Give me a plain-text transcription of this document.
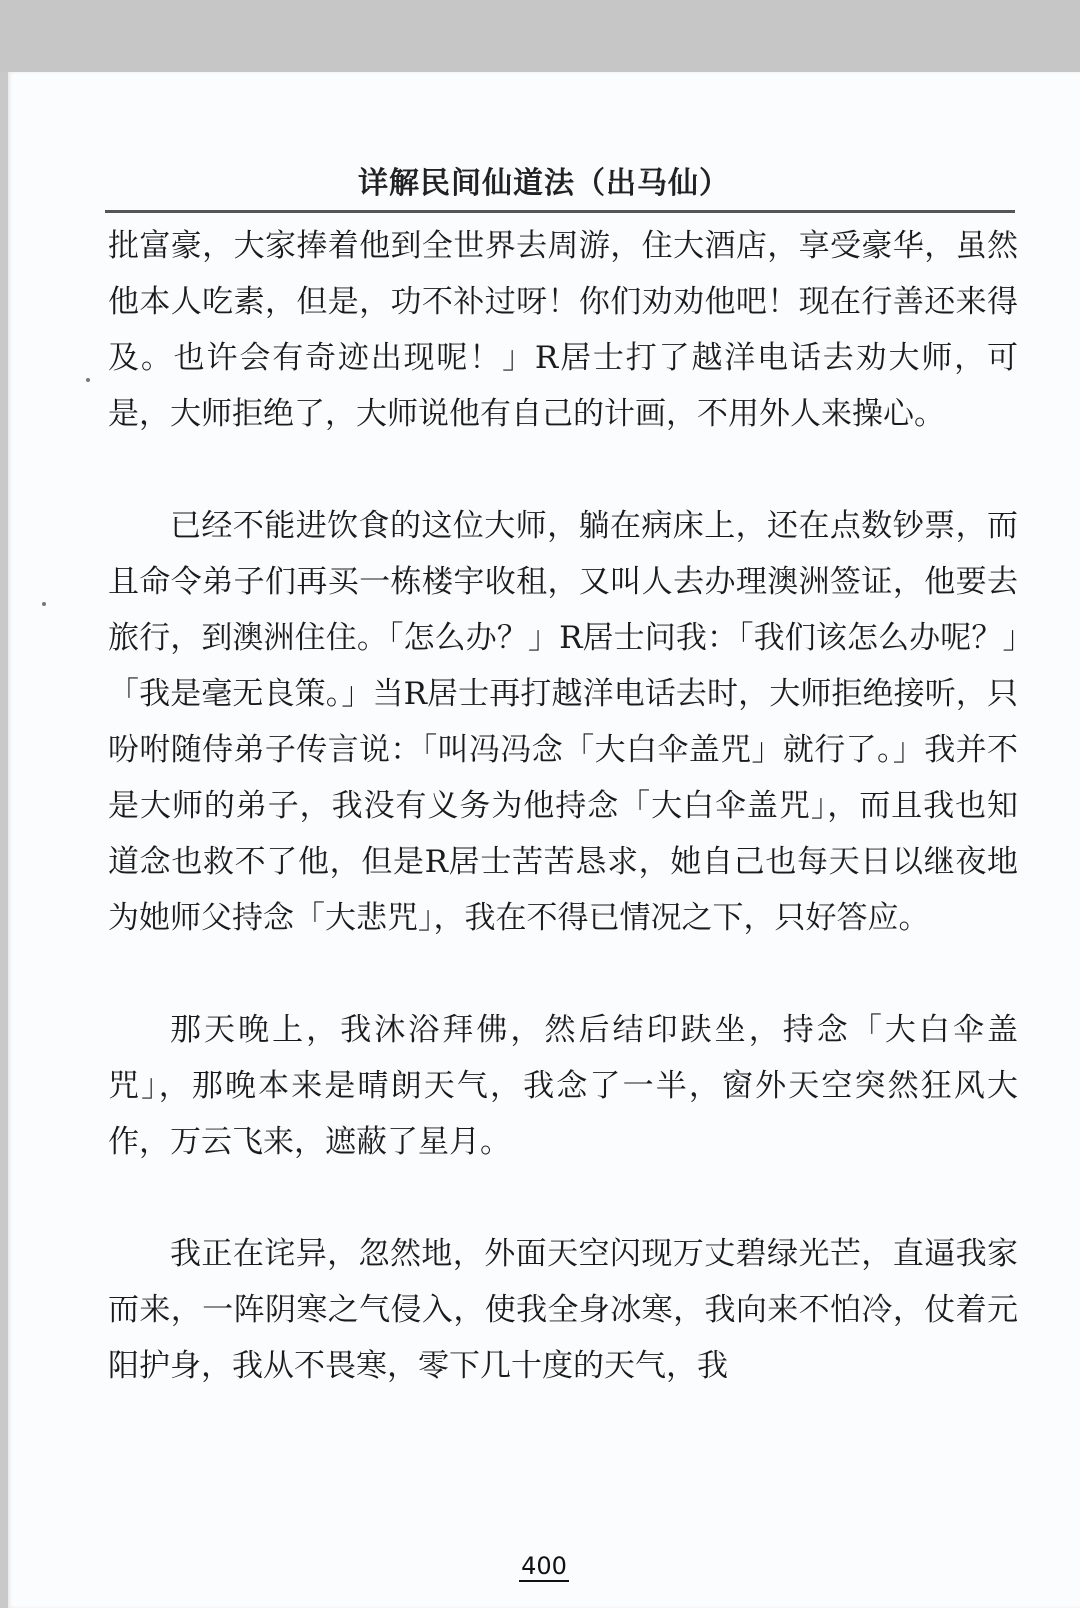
详解民间仙道法（出马仙）

批富豪，大家捧着他到全世界去周游，住大酒店，享受豪华，虽然他本人吃素，但是，功不补过呀！你们劝劝他吧！现在行善还来得及。也许会有奇迹出现呢！」R居士打了越洋电话去劝大师，可是，大师拒绝了，大师说他有自己的计画，不用外人来操心。

已经不能进饮食的这位大师，躺在病床上，还在点数钞票，而且命令弟子们再买一栋楼宇收租，又叫人去办理澳洲签证，他要去旅行，到澳洲住住。「怎么办？」R居士问我：「我们该怎么办呢？」「我是毫无良策。」当R居士再打越洋电话去时，大师拒绝接听，只吩咐随侍弟子传言说：「叫冯冯念「大白伞盖咒」就行了。」我并不是大师的弟子，我没有义务为他持念「大白伞盖咒」，而且我也知道念也救不了他，但是R居士苦苦恳求，她自己也每天日以继夜地为她师父持念「大悲咒」，我在不得已情况之下，只好答应。

那天晚上，我沐浴拜佛，然后结印趺坐，持念「大白伞盖咒」，那晚本来是晴朗天气，我念了一半，窗外天空突然狂风大作，万云飞来，遮蔽了星月。

我正在诧异，忽然地，外面天空闪现万丈碧绿光芒，直逼我家而来，一阵阴寒之气侵入，使我全身冰寒，我向来不怕冷，仗着元阳护身，我从不畏寒，零下几十度的天气，我

400
